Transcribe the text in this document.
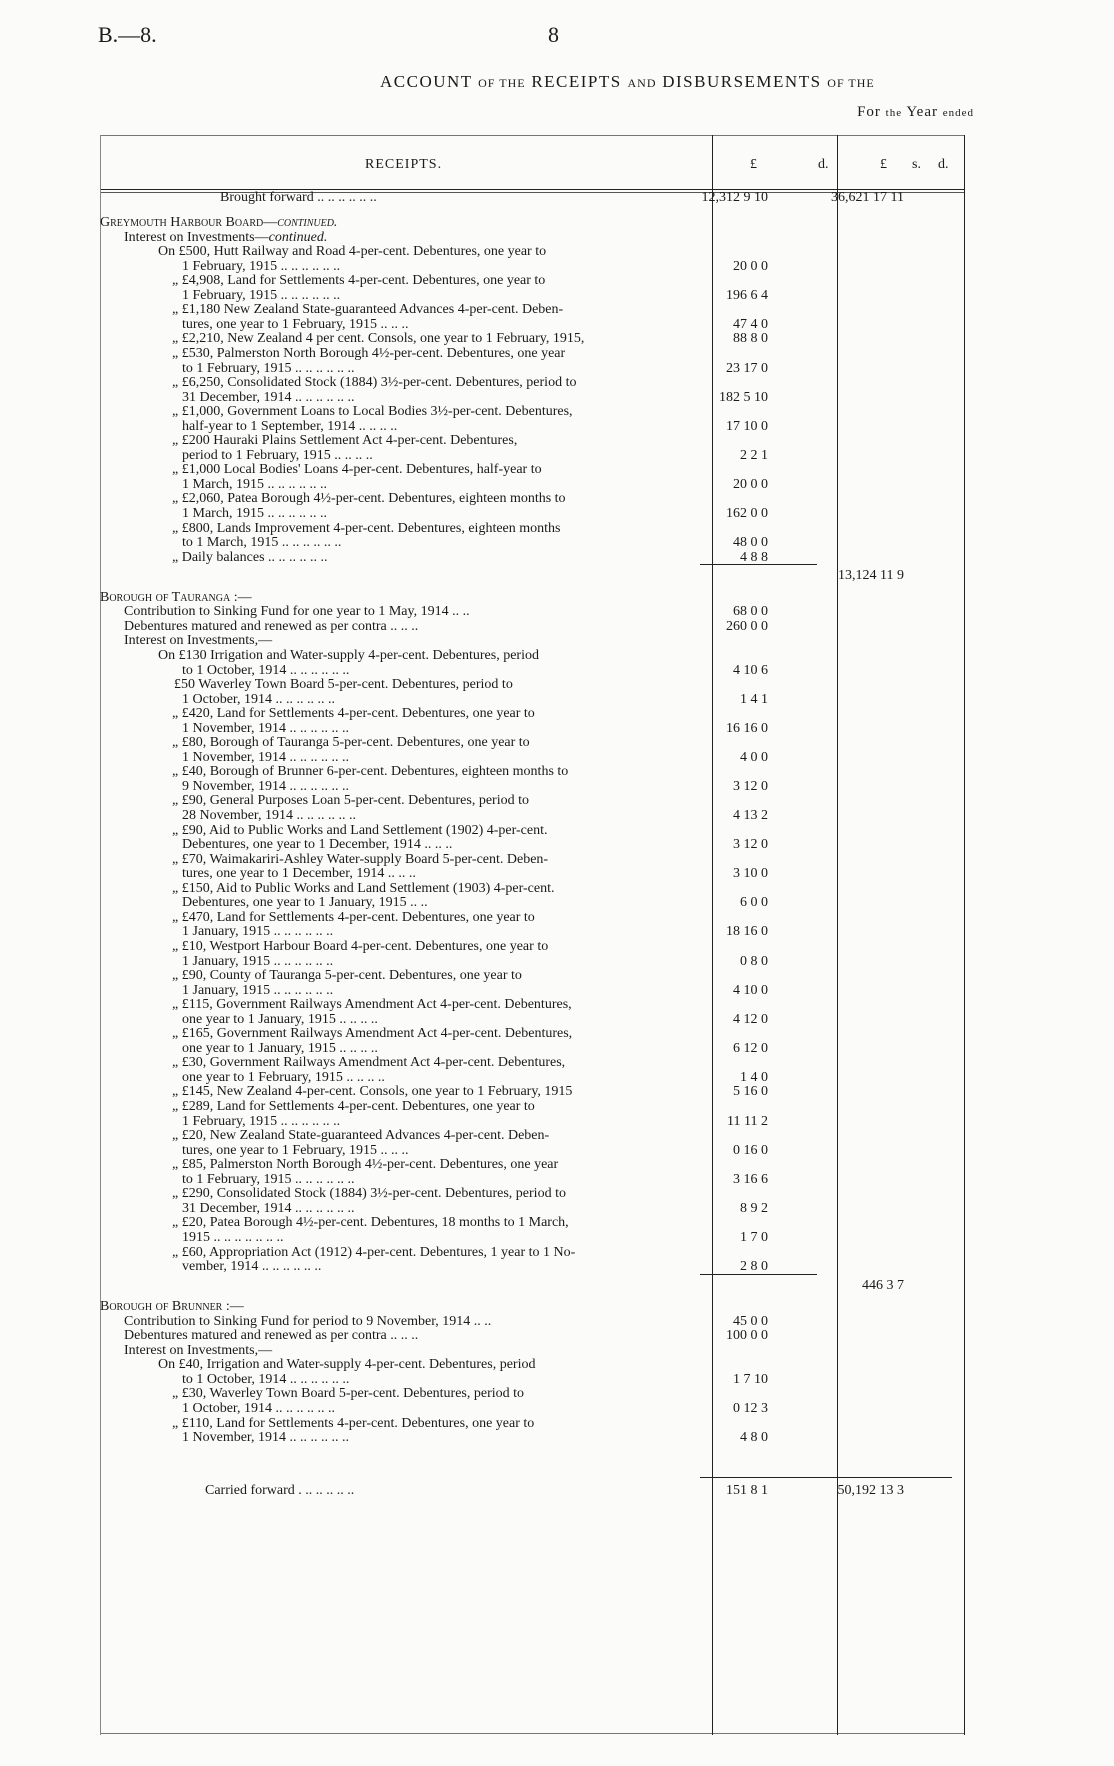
B.—8.	8
ACCOUNT OF THE RECEIPTS AND DISBURSEMENTS OF THE
For the Year ended
RECEIPTS.	£	d.	£ s. d.
Brought forward .. .. .. .. .. ..	12,312 9 10	36,621 17 11
Greymouth Harbour Board—continued.
Interest on Investments—continued.
On £500, Hutt Railway and Road 4-per-cent. Debentures, one year to
1 February, 1915 .. .. .. .. .. ..	20 0 0
„ £4,908, Land for Settlements 4-per-cent. Debentures, one year to
1 February, 1915 .. .. .. .. .. ..	196 6 4
„ £1,180 New Zealand State-guaranteed Advances 4-per-cent. Deben-
tures, one year to 1 February, 1915 .. .. ..	47 4 0
„ £2,210, New Zealand 4 per cent. Consols, one year to 1 February, 1915,	88 8 0
„ £530, Palmerston North Borough 4½-per-cent. Debentures, one year
to 1 February, 1915 .. .. .. .. .. ..	23 17 0
„ £6,250, Consolidated Stock (1884) 3½-per-cent. Debentures, period to
31 December, 1914 .. .. .. .. .. ..	182 5 10
„ £1,000, Government Loans to Local Bodies 3½-per-cent. Debentures,
half-year to 1 September, 1914 .. .. .. ..	17 10 0
„ £200 Hauraki Plains Settlement Act 4-per-cent. Debentures,
period to 1 February, 1915 .. .. .. ..	2 2 1
„ £1,000 Local Bodies' Loans 4-per-cent. Debentures, half-year to
1 March, 1915 .. .. .. .. .. ..	20 0 0
„ £2,060, Patea Borough 4½-per-cent. Debentures, eighteen months to
1 March, 1915 .. .. .. .. .. ..	162 0 0
„ £800, Lands Improvement 4-per-cent. Debentures, eighteen months
to 1 March, 1915 .. .. .. .. .. ..	48 0 0
„ Daily balances .. .. .. .. .. ..	4 8 8
13,124 11 9
Borough of Tauranga :—
Contribution to Sinking Fund for one year to 1 May, 1914 .. ..	68 0 0
Debentures matured and renewed as per contra .. .. ..	260 0 0
Interest on Investments,—
On £130 Irrigation and Water-supply 4-per-cent. Debentures, period
to 1 October, 1914 .. .. .. .. .. ..	4 10 6
£50 Waverley Town Board 5-per-cent. Debentures, period to
1 October, 1914 .. .. .. .. .. ..	1 4 1
„ £420, Land for Settlements 4-per-cent. Debentures, one year to
1 November, 1914 .. .. .. .. .. ..	16 16 0
„ £80, Borough of Tauranga 5-per-cent. Debentures, one year to
1 November, 1914 .. .. .. .. .. ..	4 0 0
„ £40, Borough of Brunner 6-per-cent. Debentures, eighteen months to
9 November, 1914 .. .. .. .. .. ..	3 12 0
„ £90, General Purposes Loan 5-per-cent. Debentures, period to
28 November, 1914 .. .. .. .. .. ..	4 13 2
„ £90, Aid to Public Works and Land Settlement (1902) 4-per-cent.
Debentures, one year to 1 December, 1914 .. .. ..	3 12 0
„ £70, Waimakariri-Ashley Water-supply Board 5-per-cent. Deben-
tures, one year to 1 December, 1914 .. .. ..	3 10 0
„ £150, Aid to Public Works and Land Settlement (1903) 4-per-cent.
Debentures, one year to 1 January, 1915 .. ..	6 0 0
„ £470, Land for Settlements 4-per-cent. Debentures, one year to
1 January, 1915 .. .. .. .. .. ..	18 16 0
„ £10, Westport Harbour Board 4-per-cent. Debentures, one year to
1 January, 1915 .. .. .. .. .. ..	0 8 0
„ £90, County of Tauranga 5-per-cent. Debentures, one year to
1 January, 1915 .. .. .. .. .. ..	4 10 0
„ £115, Government Railways Amendment Act 4-per-cent. Debentures,
one year to 1 January, 1915 .. .. .. ..	4 12 0
„ £165, Government Railways Amendment Act 4-per-cent. Debentures,
one year to 1 January, 1915 .. .. .. ..	6 12 0
„ £30, Government Railways Amendment Act 4-per-cent. Debentures,
one year to 1 February, 1915 .. .. .. ..	1 4 0
„ £145, New Zealand 4-per-cent. Consols, one year to 1 February, 1915	5 16 0
„ £289, Land for Settlements 4-per-cent. Debentures, one year to
1 February, 1915 .. .. .. .. .. ..	11 11 2
„ £20, New Zealand State-guaranteed Advances 4-per-cent. Deben-
tures, one year to 1 February, 1915 .. .. ..	0 16 0
„ £85, Palmerston North Borough 4½-per-cent. Debentures, one year
to 1 February, 1915 .. .. .. .. .. ..	3 16 6
„ £290, Consolidated Stock (1884) 3½-per-cent. Debentures, period to
31 December, 1914 .. .. .. .. .. ..	8 9 2
„ £20, Patea Borough 4½-per-cent. Debentures, 18 months to 1 March,
1915 .. .. .. .. .. .. ..	1 7 0
„ £60, Appropriation Act (1912) 4-per-cent. Debentures, 1 year to 1 No-
vember, 1914 .. .. .. .. .. ..	2 8 0
446 3 7
Borough of Brunner :—
Contribution to Sinking Fund for period to 9 November, 1914 .. ..	45 0 0
Debentures matured and renewed as per contra .. .. ..	100 0 0
Interest on Investments,—
On £40, Irrigation and Water-supply 4-per-cent. Debentures, period
to 1 October, 1914 .. .. .. .. .. ..	1 7 10
„ £30, Waverley Town Board 5-per-cent. Debentures, period to
1 October, 1914 .. .. .. .. .. ..	0 12 3
„ £110, Land for Settlements 4-per-cent. Debentures, one year to
1 November, 1914 .. .. .. .. .. ..	4 8 0
Carried forward . .. .. .. .. ..	151 8 1	50,192 13 3
